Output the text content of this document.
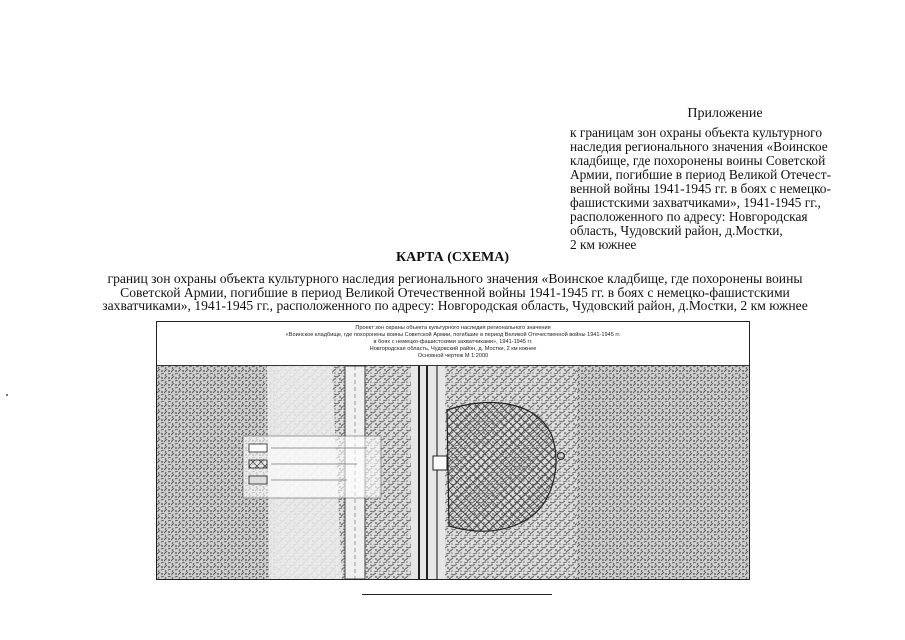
Приложение
к границам зон охраны объекта культурного
наследия регионального значения «Воинское
кладбище, где похоронены воины Советской
Армии, погибшие в период Великой Отечест-
венной войны 1941-1945 гг. в боях с немецко-
фашистскими захватчиками», 1941-1945 гг.,
расположенного по адресу: Новгородская
область, Чудовский район, д.Мостки,
2 км южнее
КАРТА (СХЕМА)
границ зон охраны объекта культурного наследия регионального значения «Воинское кладбище, где похоронены воины
Советской Армии, погибшие в период Великой Отечественной войны 1941-1945 гг. в боях с немецко-фашистскими
захватчиками», 1941-1945 гг., расположенного по адресу: Новгородская область, Чудовский район, д.Мостки, 2 км южнее
Проект зон охраны объекта культурного наследия регионального значения
«Воинское кладбище, где похоронены воины Советской Армии, погибшие в период Великой Отечественной войны 1941-1945 гг.
в боях с немецко-фашистскими захватчиками», 1941-1945 гг.
Новгородская область, Чудовский район, д. Мостки, 2 км южнее
Основной чертеж М 1:2000
